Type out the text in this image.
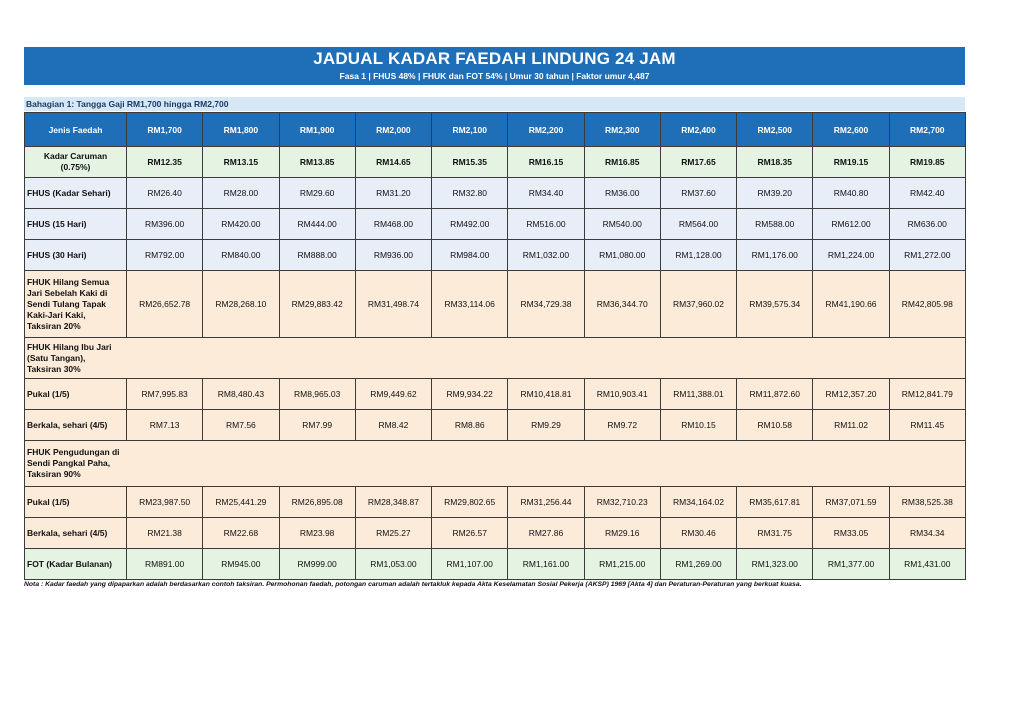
JADUAL KADAR FAEDAH LINDUNG 24 JAM
Fasa 1 | FHUS 48% | FHUK dan FOT 54% | Umur 30 tahun | Faktor umur 4,487
Bahagian 1: Tangga Gaji RM1,700 hingga RM2,700
Jenis Faedah	RM1,700	RM1,800	RM1,900	RM2,000	RM2,100	RM2,200	RM2,300	RM2,400	RM2,500	RM2,600	RM2,700

Kadar Caruman
(0.75%)	RM12.35	RM13.15	RM13.85	RM14.65	RM15.35	RM16.15	RM16.85	RM17.65	RM18.35	RM19.15	RM19.85
FHUS (Kadar Sehari)	RM26.40	RM28.00	RM29.60	RM31.20	RM32.80	RM34.40	RM36.00	RM37.60	RM39.20	RM40.80	RM42.40
FHUS (15 Hari)	RM396.00	RM420.00	RM444.00	RM468.00	RM492.00	RM516.00	RM540.00	RM564.00	RM588.00	RM612.00	RM636.00
FHUS (30 Hari)	RM792.00	RM840.00	RM888.00	RM936.00	RM984.00	RM1,032.00	RM1,080.00	RM1,128.00	RM1,176.00	RM1,224.00	RM1,272.00

FHUK Hilang Semua
Jari Sebelah Kaki di
Sendi Tulang Tapak
Kaki-Jari Kaki,
Taksiran 20%	RM26,652.78	RM28,268.10	RM29,883.42	RM31,498.74	RM33,114.06	RM34,729.38	RM36,344.70	RM37,960.02	RM39,575.34	RM41,190.66	RM42,805.98

FHUK Hilang Ibu Jari
(Satu Tangan),
Taksiran 30%											

Pukal (1/5)	RM7,995.83	RM8,480.43	RM8,965.03	RM9,449.62	RM9,934.22	RM10,418.81	RM10,903.41	RM11,388.01	RM11,872.60	RM12,357.20	RM12,841.79
Berkala, sehari (4/5)	RM7.13	RM7.56	RM7.99	RM8.42	RM8.86	RM9.29	RM9.72	RM10.15	RM10.58	RM11.02	RM11.45

FHUK Pengudungan di
Sendi Pangkal Paha,
Taksiran 90%											

Pukal (1/5)	RM23,987.50	RM25,441.29	RM26,895.08	RM28,348.87	RM29,802.65	RM31,256.44	RM32,710.23	RM34,164.02	RM35,617.81	RM37,071.59	RM38,525.38
Berkala, sehari (4/5)	RM21.38	RM22.68	RM23.98	RM25.27	RM26.57	RM27.86	RM29.16	RM30.46	RM31.75	RM33.05	RM34.34
FOT (Kadar Bulanan)	RM891.00	RM945.00	RM999.00	RM1,053.00	RM1,107.00	RM1,161.00	RM1,215.00	RM1,269.00	RM1,323.00	RM1,377.00	RM1,431.00
Nota : Kadar faedah yang dipaparkan adalah berdasarkan contoh taksiran. Permohonan faedah, potongan caruman adalah tertakluk kepada Akta Keselamatan Sosial Pekerja (AKSP) 1969 [Akta 4] dan Peraturan-Peraturan yang berkuat kuasa.
